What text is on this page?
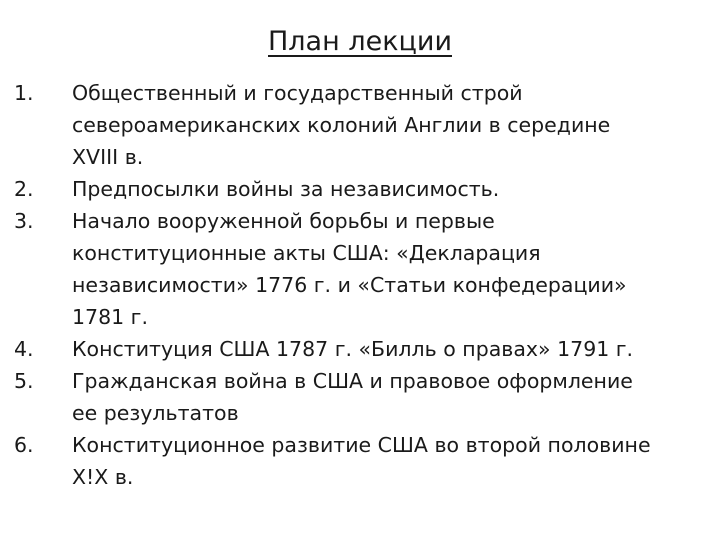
План лекции
1.	Общественный и государственный строй
североамериканских колоний Англии в середине
XVIII в.
2.	Предпосылки войны за независимость.
3.	Начало вооруженной борьбы и первые
конституционные акты США: «Декларация
независимости» 1776 г. и «Статьи конфедерации»
1781 г.
4.	Конституция США 1787 г. «Билль о правах» 1791 г.
5.	Гражданская война в США и правовое оформление
ее результатов
6.	Конституционное развитие США во второй половине
Х!Х в.
